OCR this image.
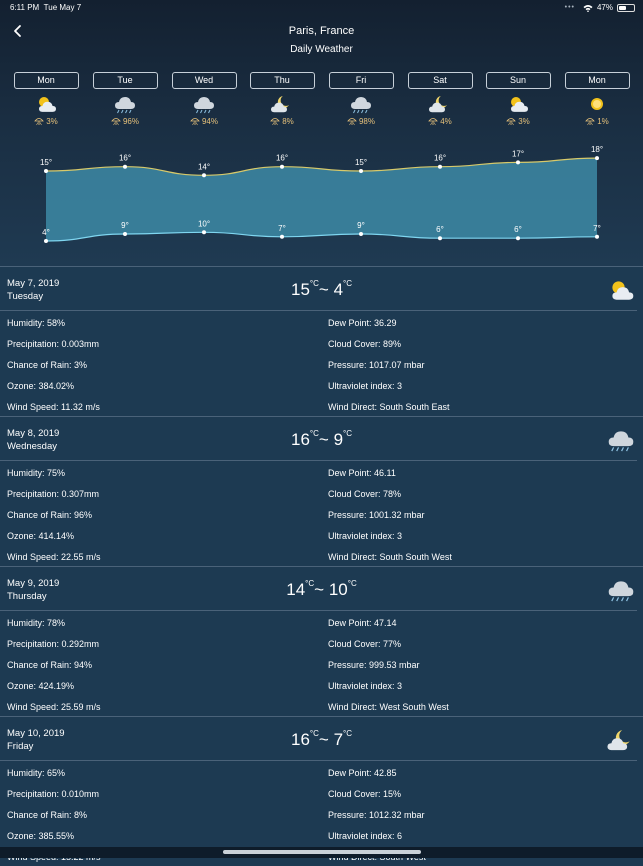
6:11 PM Tue May 7	•••	47%
Paris, France
Daily Weather
Mon
3%
Tue
96%
Wed
94%
Thu
8%
Fri
98%
Sat
4%
Sun
3%
Mon
1%
15°	16°
14°
16°	15°	16°	17°	18°
4°
9°	10°	7°	9°	6°	6°	7°
May 7, 2019
Tuesday	$15^{^\circ C}\sim$ $4^{^\circ C}$
Humidity: 58%
Precipitation: 0.003mm
Chance of Rain: 3%
Ozone: 384.02%
Wind Speed: 11.32 m/s
Dew Point: 36.29
Cloud Cover: 89%
Pressure: 1017.07 mbar
Ultraviolet index: 3
Wind Direct: South South East
May 8, 2019
Wednesday	$16^{^\circ C}\sim$ $9^{^\circ C}$
Humidity: 75%
Precipitation: 0.307mm
Chance of Rain: 96%
Ozone: 414.14%
Wind Speed: 22.55 m/s
Dew Point: 46.11
Cloud Cover: 78%
Pressure: 1001.32 mbar
Ultraviolet index: 3
Wind Direct: South South West
May 9, 2019
Thursday	$14^{^\circ C}\sim$ $10^{^\circ C}$
Humidity: 78%
Precipitation: 0.292mm
Chance of Rain: 94%
Ozone: 424.19%
Wind Speed: 25.59 m/s
Dew Point: 47.14
Cloud Cover: 77%
Pressure: 999.53 mbar
Ultraviolet index: 3
Wind Direct: West South West
May 10, 2019
Friday	$16^{^\circ C}\sim$ $7^{^\circ C}$
Humidity: 65%
Precipitation: 0.010mm
Chance of Rain: 8%
Ozone: 385.55%
Dew Point: 42.85
Cloud Cover: 15%
Pressure: 1012.32 mbar
Ultraviolet index: 6
